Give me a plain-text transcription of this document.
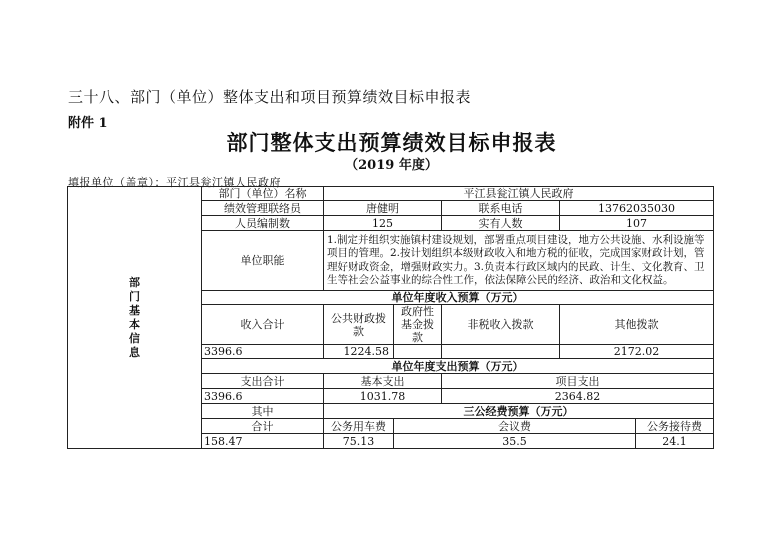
三十八、部门（单位）整体支出和项目预算绩效目标申报表
附件 1
部门整体支出预算绩效目标申报表
（2019 年度）
填报单位（盖章）：平江县瓮江镇人民政府
部门基本信息	部门（单位）名称	平江县瓮江镇人民政府				
	绩效管理联络员	唐健明		联系电话	13762035030	
	人员编制数	125		实有人数	107	
	单位职能	1.制定并组织实施镇村建设规划，部署重点项目建设，地方公共设施、水利设施等项目的管理。2.按计划组织本级财政收入和地方税的征收，完成国家财政计划，管理好财政资金，增强财政实力。3.负责本行政区域内的民政、计生、文化教育、卫生等社会公益事业的综合性工作，依法保障公民的经济、政治和文化权益。				
	单位年度收入预算（万元）					
	收入合计	公共财政拨款	政府性基金拨款	非税收入拨款	其他拨款	
	3396.6	1224.58			2172.02	
	单位年度支出预算（万元）					
	支出合计	基本支出		项目支出		
	3396.6	1031.78		2364.82		
	其中	三公经费预算（万元）				
	合计	公务用车费	会议费			公务接待费
	158.47	75.13	35.5			24.1
